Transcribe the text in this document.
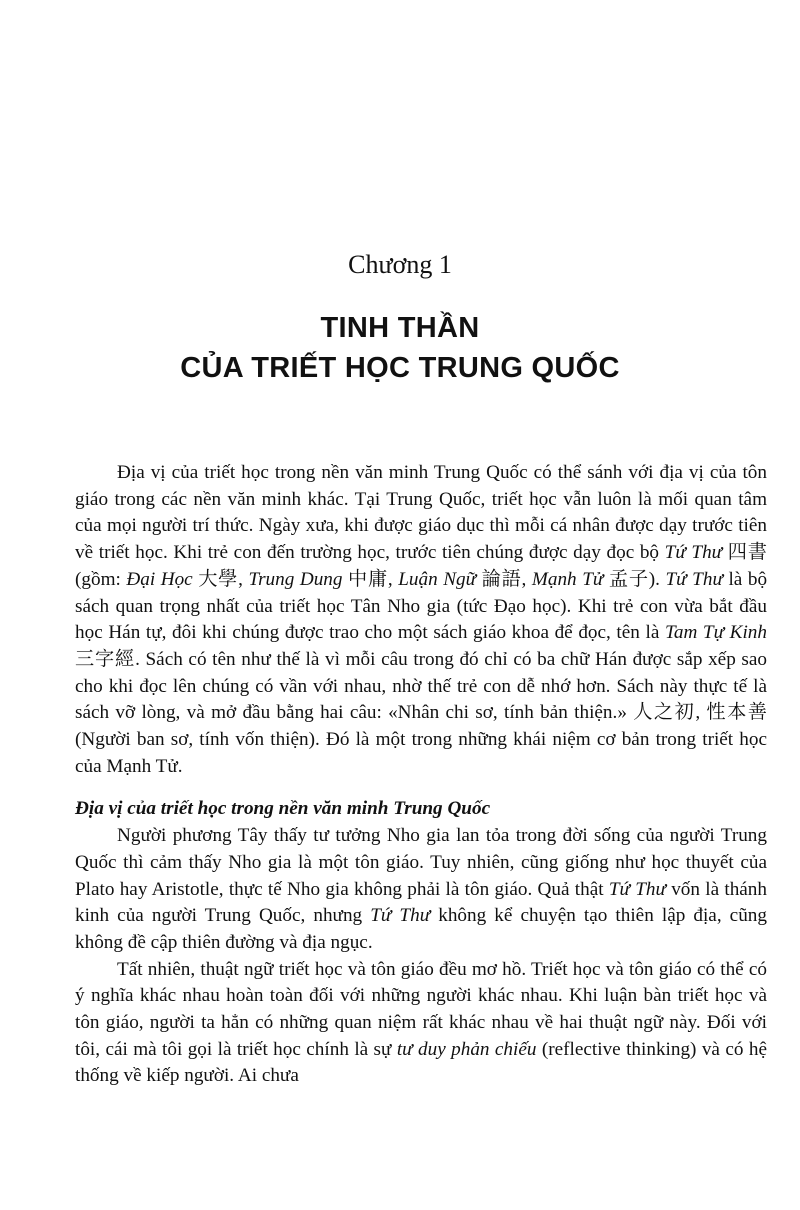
Chương 1
TINH THẦN
CỦA TRIẾT HỌC TRUNG QUỐC

Địa vị của triết học trong nền văn minh Trung Quốc có thể sánh với địa vị của tôn giáo trong các nền văn minh khác. Tại Trung Quốc, triết học vẫn luôn là mối quan tâm của mọi người trí thức. Ngày xưa, khi được giáo dục thì mỗi cá nhân được dạy trước tiên về triết học. Khi trẻ con đến trường học, trước tiên chúng được dạy đọc bộ Tứ Thư 四書 (gồm: Đại Học 大學, Trung Dung 中庸, Luận Ngữ 論語, Mạnh Tử 孟子). Tứ Thư là bộ sách quan trọng nhất của triết học Tân Nho gia (tức Đạo học). Khi trẻ con vừa bắt đầu học Hán tự, đôi khi chúng được trao cho một sách giáo khoa để đọc, tên là Tam Tự Kinh 三字經. Sách có tên như thế là vì mỗi câu trong đó chỉ có ba chữ Hán được sắp xếp sao cho khi đọc lên chúng có vần với nhau, nhờ thế trẻ con dễ nhớ hơn. Sách này thực tế là sách vỡ lòng, và mở đầu bằng hai câu: «Nhân chi sơ, tính bản thiện.» 人之初, 性本善 (Người ban sơ, tính vốn thiện). Đó là một trong những khái niệm cơ bản trong triết học của Mạnh Tử.

Địa vị của triết học trong nền văn minh Trung Quốc

Người phương Tây thấy tư tưởng Nho gia lan tỏa trong đời sống của người Trung Quốc thì cảm thấy Nho gia là một tôn giáo. Tuy nhiên, cũng giống như học thuyết của Plato hay Aristotle, thực tế Nho gia không phải là tôn giáo. Quả thật Tứ Thư vốn là thánh kinh của người Trung Quốc, nhưng Tứ Thư không kể chuyện tạo thiên lập địa, cũng không đề cập thiên đường và địa ngục.

Tất nhiên, thuật ngữ triết học và tôn giáo đều mơ hồ. Triết học và tôn giáo có thể có ý nghĩa khác nhau hoàn toàn đối với những người khác nhau. Khi luận bàn triết học và tôn giáo, người ta hẳn có những quan niệm rất khác nhau về hai thuật ngữ này. Đối với tôi, cái mà tôi gọi là triết học chính là sự tư duy phản chiếu (reflective thinking) và có hệ thống về kiếp người. Ai chưa
